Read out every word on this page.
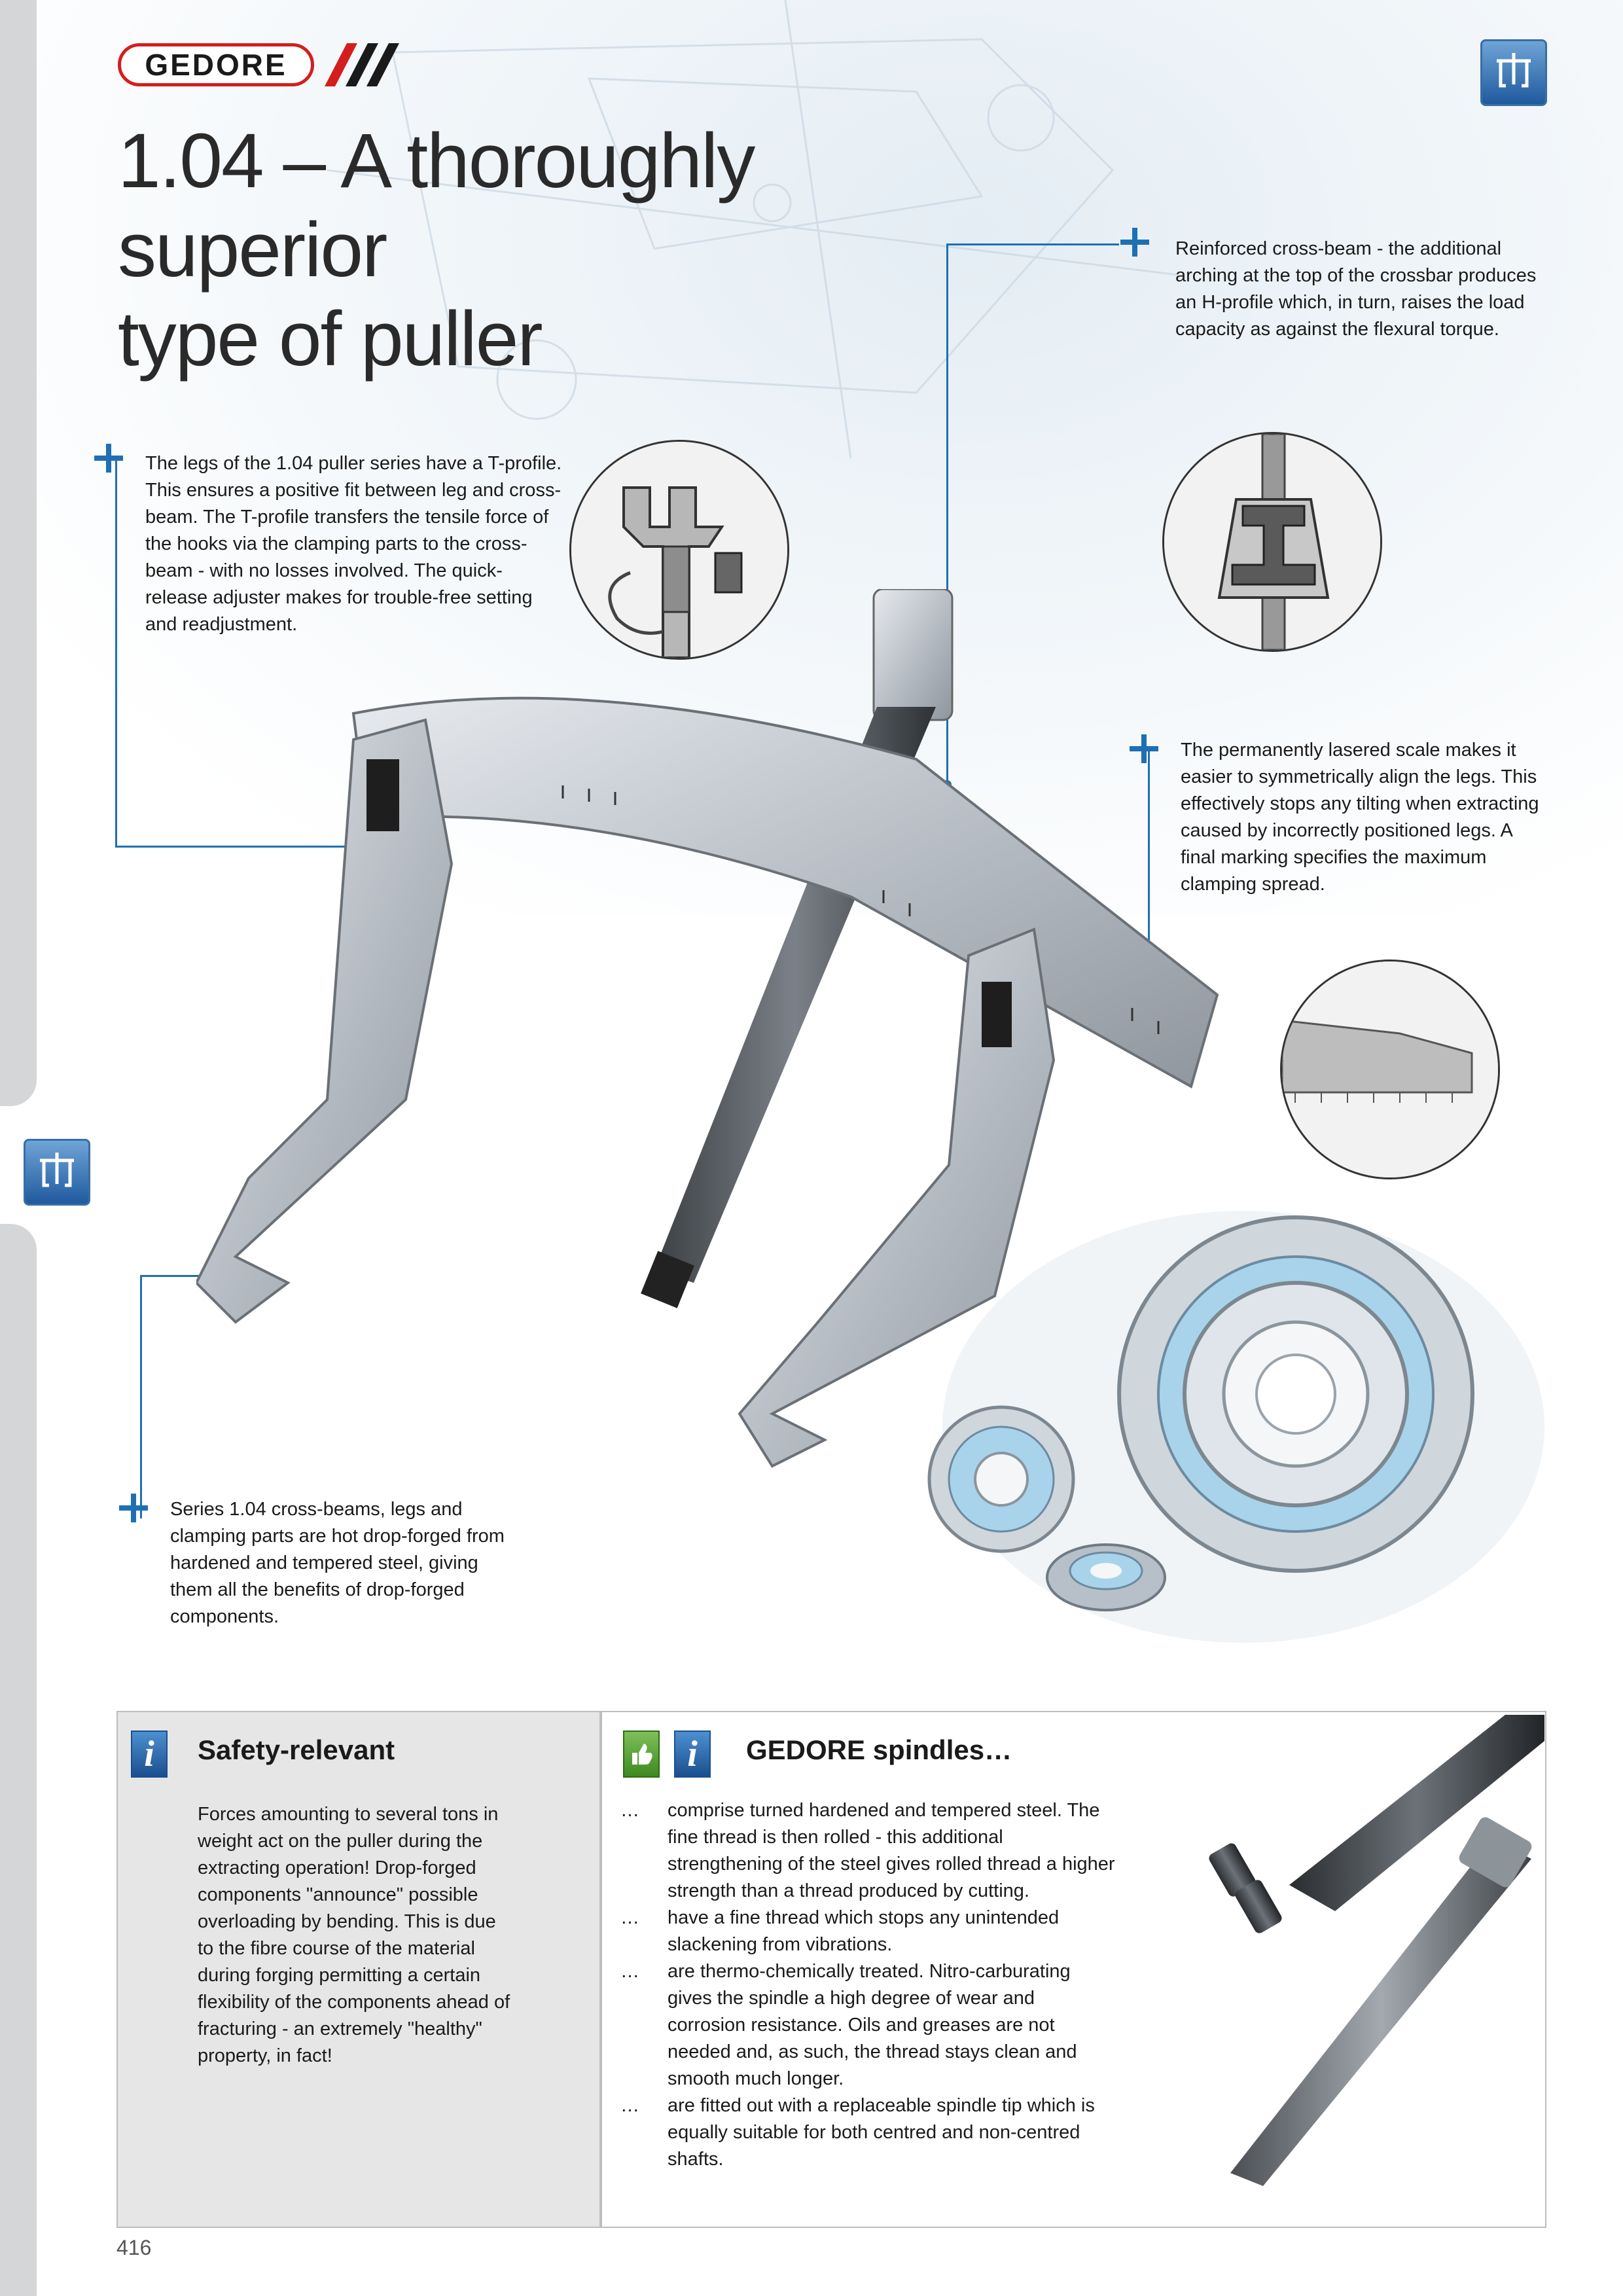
GEDORE
1.04 – A thoroughly superior
type of puller
Reinforced cross-beam - the additional arching at the top of the crossbar produces an H-profile which, in turn, raises the load capacity as against the flexural torque.
The legs of the 1.04 puller series have a T-profile. This ensures a positive fit between leg and cross-beam. The T-profile transfers the tensile force of the hooks via the clamping parts to the cross-beam - with no losses involved. The quick-release adjuster makes for trouble-free setting and readjustment.
The permanently lasered scale makes it easier to symmetrically align the legs. This effectively stops any tilting when extracting caused by incorrectly positioned legs. A final marking specifies the maximum clamping spread.
Series 1.04 cross-beams, legs and clamping parts are hot drop-forged from hardened and tempered steel, giving them all the benefits of drop-forged components.
i	Safety-relevant
Forces amounting to several tons in weight act on the puller during the extracting operation! Drop-forged components "announce" possible overloading by bending. This is due to the fibre course of the material during forging permitting a certain flexibility of the components ahead of fracturing - an extremely "healthy" property, in fact!
i	GEDORE spindles…
… comprise turned hardened and tempered steel. The fine thread is then rolled - this additional strengthening of the steel gives rolled thread a higher strength than a thread produced by cutting.
… have a fine thread which stops any unintended slackening from vibrations.
… are thermo-chemically treated. Nitro-carburating gives the spindle a high degree of wear and corrosion resistance. Oils and greases are not needed and, as such, the thread stays clean and smooth much longer.
… are fitted out with a replaceable spindle tip which is equally suitable for both centred and non-centred shafts.
416
